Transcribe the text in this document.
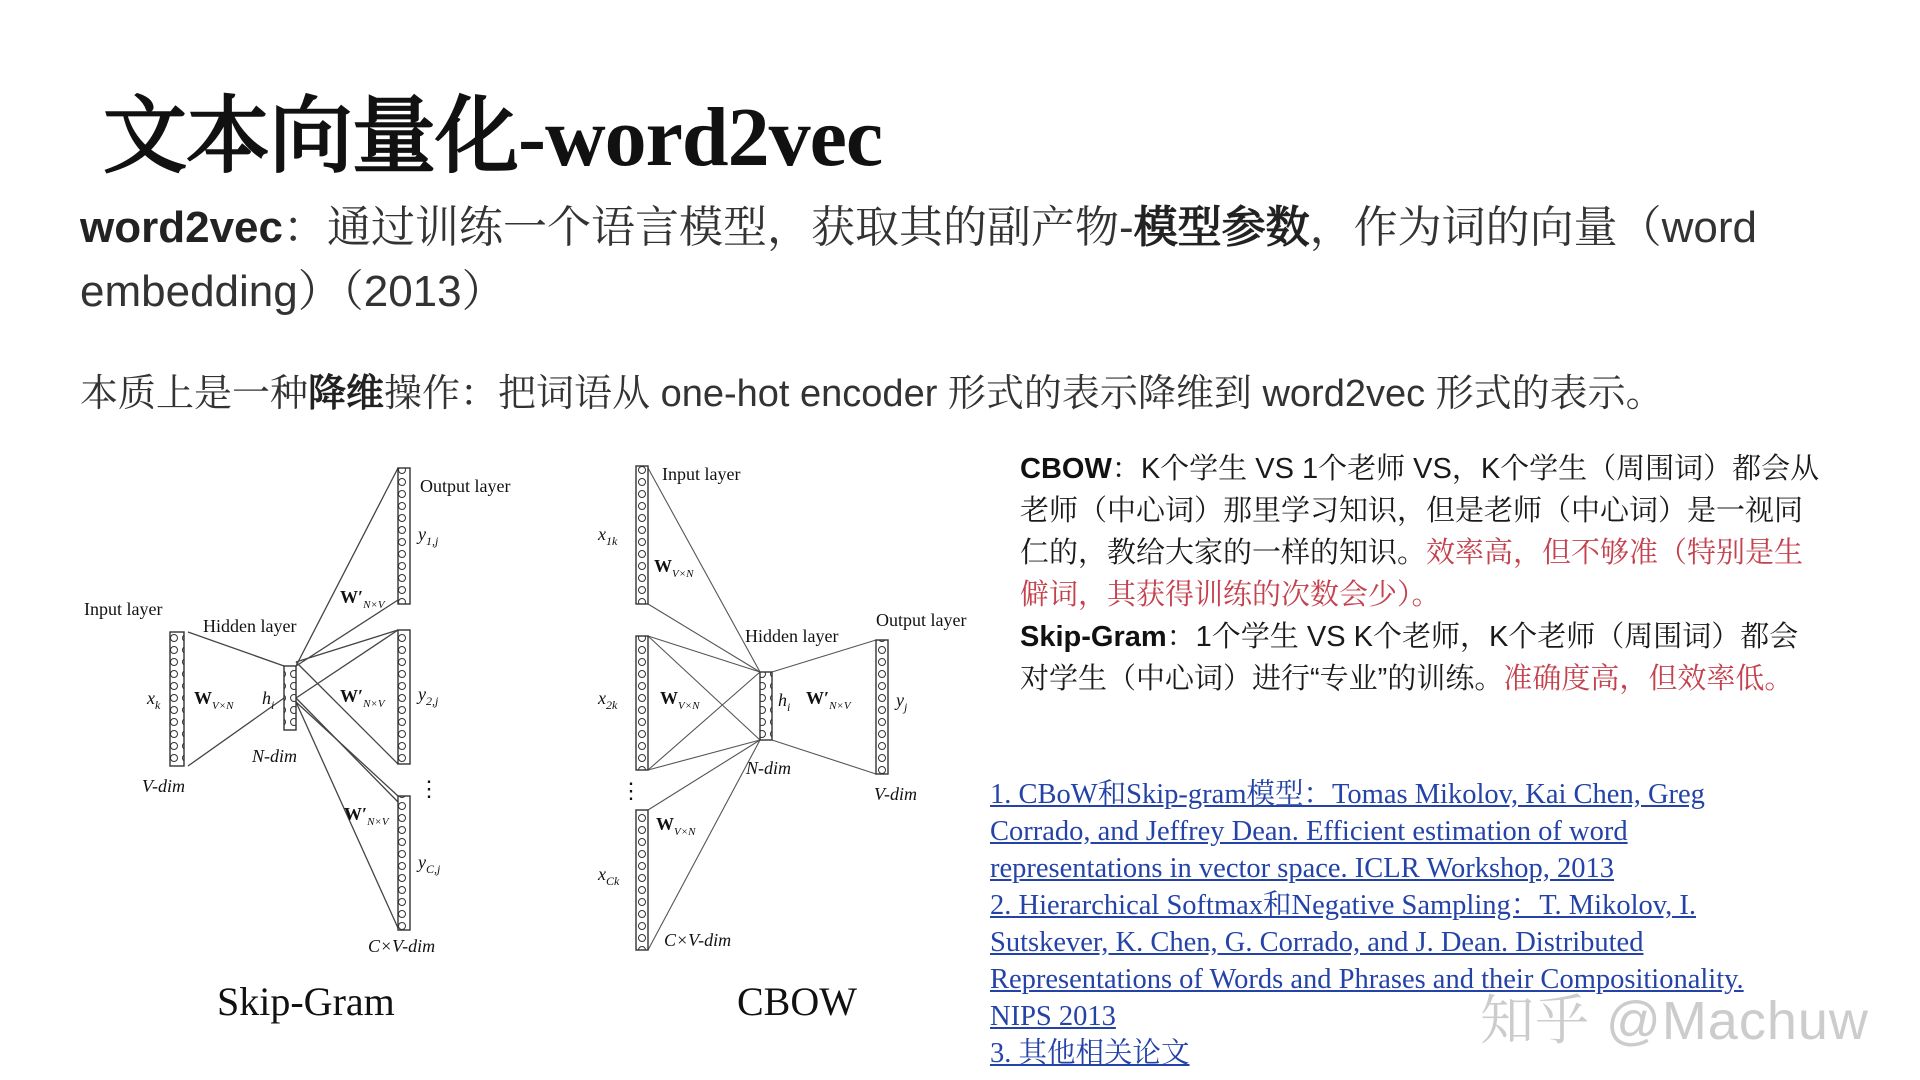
文本向量化-word2vec

word2vec：通过训练一个语言模型，获取其的副产物-模型参数，作为词的向量（word embedding）（2013）

本质上是一种降维操作：把词语从 one-hot encoder 形式的表示降维到 word2vec 形式的表示。

⋮
Input layer
Hidden layer
Output layer
$x_k$ $W_{V\times N}$ $h_i$
$W'_{N\times V}$
$W'_{N\times V}$
$W'_{N\times V}$
$y_{1,j}$
$y_{2,j}$
$y_{C,j}$
V-dim
N-dim
C×V-dim
⋮
Input layer
Hidden layer
Output layer
$x_{1k}$
$x_{2k}$
$x_{Ck}$
$W_{V\times N}$
$W_{V\times N}$
$W_{V\times N}$
$h_i$ $W'_{N\times V}$	$y_j$
N-dim
V-dim
C×V-dim

Skip-Gram	CBOW

CBOW：K个学生 VS 1个老师 VS，K个学生（周围词）都会从老师（中心词）那里学习知识，但是老师（中心词）是一视同仁的，教给大家的一样的知识。效率高，但不够准（特别是生僻词，其获得训练的次数会少）。
Skip-Gram：1个学生 VS K个老师，K个老师（周围词）都会对学生（中心词）进行“专业”的训练。准确度高，但效率低。

1. CBoW和Skip-gram模型：Tomas Mikolov, Kai Chen, Greg Corrado, and Jeffrey Dean. Efficient estimation of word representations in vector space. ICLR Workshop, 2013
2. Hierarchical Softmax和Negative Sampling：T. Mikolov, I. Sutskever, K. Chen, G. Corrado, and J. Dean. Distributed Representations of Words and Phrases and their Compositionality. NIPS 2013
3. 其他相关论文

知乎 @Machuw
